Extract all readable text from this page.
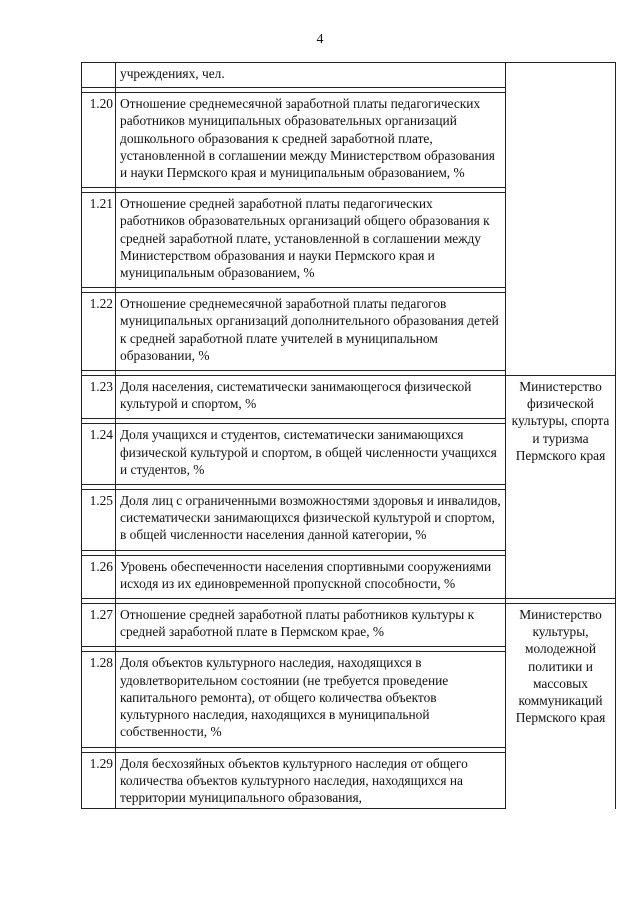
4
	учреждениях, чел.	

1.20	Отношение среднемесячной заработной платы педагогических работников муниципальных образовательных организаций дошкольного образования к средней заработной плате, установленной в соглашении между Министерством образования и науки Пермского края и муниципальным образованием, %	

1.21	Отношение средней заработной платы педагогических работников образовательных организаций общего образования к средней заработной плате, установленной в соглашении между Министерством образования и науки Пермского края и муниципальным образованием, %	

1.22	Отношение среднемесячной заработной платы педагогов муниципальных организаций дополнительного образования детей к средней заработной плате учителей в муниципальном образовании, %	

1.23	Доля населения, систематически занимающегося физической культурой и спортом, %	Министерство физической культуры, спорта и туризма Пермского края

1.24	Доля учащихся и студентов, систематически занимающихся физической культурой и спортом, в общей численности учащихся и студентов, %	

1.25	Доля лиц с ограниченными возможностями здоровья и инвалидов, систематически занимающихся физической культурой и спортом, в общей численности населения данной категории, %	

1.26	Уровень обеспеченности населения спортивными сооружениями исходя из их единовременной пропускной способности, %	

1.27	Отношение средней заработной платы работников культуры к средней заработной плате в Пермском крае, %	Министерство культуры, молодежной политики и массовых коммуникаций Пермского края

1.28	Доля объектов культурного наследия, находящихся в удовлетворительном состоянии (не требуется проведение капитального ремонта), от общего количества объектов культурного наследия, находящихся в муниципальной собственности, %	

1.29	Доля бесхозяйных объектов культурного наследия от общего количества объектов культурного наследия, находящихся на территории муниципального образования,	
